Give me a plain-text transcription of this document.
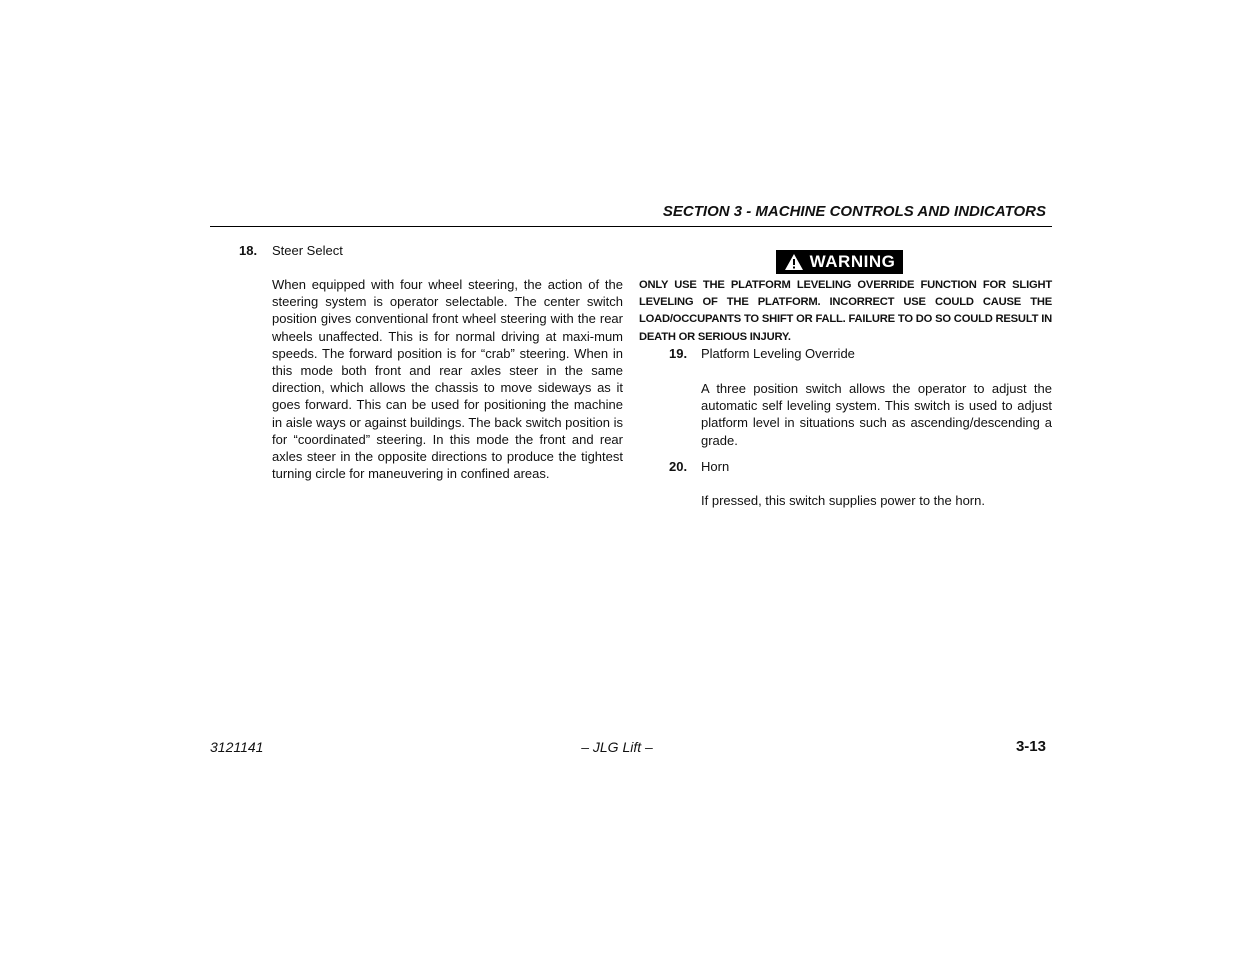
SECTION 3 - MACHINE CONTROLS AND INDICATORS
18. Steer Select
When equipped with four wheel steering, the action of the steering system is operator selectable. The center switch position gives conventional front wheel steering with the rear wheels unaffected. This is for normal driving at maxi-mum speeds. The forward position is for “crab” steering. When in this mode both front and rear axles steer in the same direction, which allows the chassis to move sideways as it goes forward. This can be used for positioning the machine in aisle ways or against buildings. The back switch position is for “coordinated” steering. In this mode the front and rear axles steer in the opposite directions to produce the tightest turning circle for maneuvering in confined areas.
WARNING
ONLY USE THE PLATFORM LEVELING OVERRIDE FUNCTION FOR SLIGHT LEVELING OF THE PLATFORM. INCORRECT USE COULD CAUSE THE LOAD/OCCUPANTS TO SHIFT OR FALL. FAILURE TO DO SO COULD RESULT IN DEATH OR SERIOUS INJURY.
19. Platform Leveling Override
A three position switch allows the operator to adjust the automatic self leveling system. This switch is used to adjust platform level in situations such as ascending/descending a grade.
20. Horn
If pressed, this switch supplies power to the horn.
3121141	– JLG Lift –	3-13
